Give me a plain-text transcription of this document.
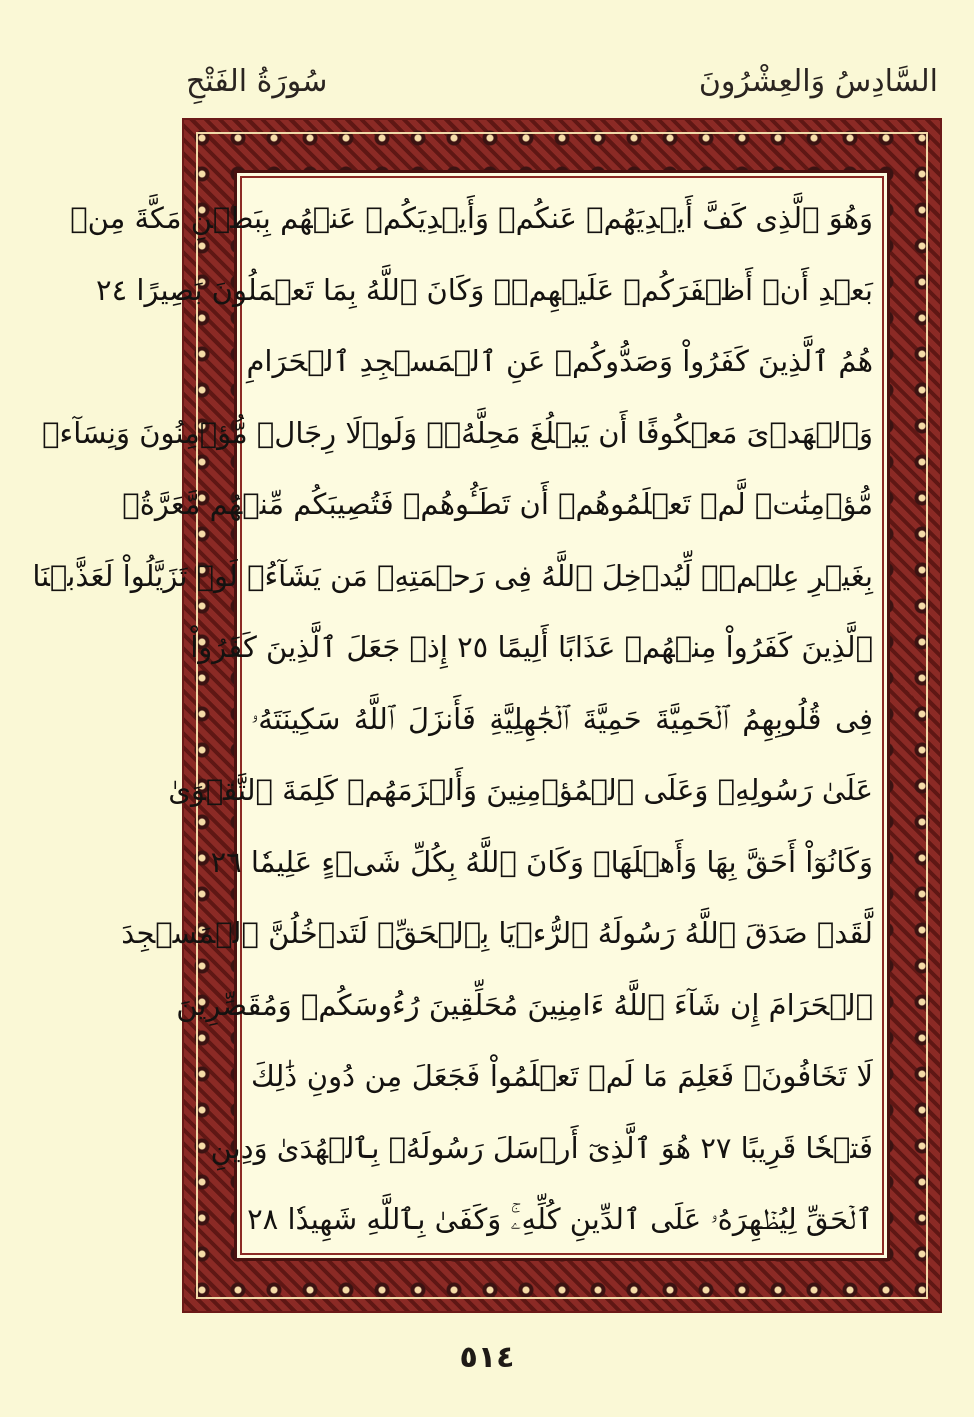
السَّادِسُ وَالعِشْرُونَ
سُورَةُ الفَتْحِ
وَهُوَ ٱلَّذِى كَفَّ أَيۡدِيَهُمۡ عَنكُمۡ وَأَيۡدِيَكُمۡ عَنۡهُم بِبَطۡنِ مَكَّةَ مِنۢ
بَعۡدِ أَنۡ أَظۡفَرَكُمۡ عَلَيۡهِمۡۚ وَكَانَ ٱللَّهُ بِمَا تَعۡمَلُونَ بَصِيرًا ٢٤
هُمُ ٱلَّذِينَ كَفَرُواْ وَصَدُّوكُمۡ عَنِ ٱلۡمَسۡجِدِ ٱلۡحَرَامِ
وَٱلۡهَدۡىَ مَعۡكُوفًا أَن يَبۡلُغَ مَحِلَّهُۥۚ وَلَوۡلَا رِجَالٞ مُّؤۡمِنُونَ وَنِسَآءٞ
مُّؤۡمِنَٰتٞ لَّمۡ تَعۡلَمُوهُمۡ أَن تَطَـُٔوهُمۡ فَتُصِيبَكُم مِّنۡهُم مَّعَرَّةُۢ
بِغَيۡرِ عِلۡمٖۖ لِّيُدۡخِلَ ٱللَّهُ فِى رَحۡمَتِهِۦ مَن يَشَآءُۚ لَوۡ تَزَيَّلُواْ لَعَذَّبۡنَا
ٱلَّذِينَ كَفَرُواْ مِنۡهُمۡ عَذَابًا أَلِيمًا ٢٥ إِذۡ جَعَلَ ٱلَّذِينَ كَفَرُواْ
فِى قُلُوبِهِمُ ٱلۡحَمِيَّةَ حَمِيَّةَ ٱلۡجَٰهِلِيَّةِ فَأَنزَلَ ٱللَّهُ سَكِينَتَهُۥ
عَلَىٰ رَسُولِهِۦ وَعَلَى ٱلۡمُؤۡمِنِينَ وَأَلۡزَمَهُمۡ كَلِمَةَ ٱلتَّقۡوَىٰ
وَكَانُوٓاْ أَحَقَّ بِهَا وَأَهۡلَهَاۚ وَكَانَ ٱللَّهُ بِكُلِّ شَىۡءٍ عَلِيمٗا ٢٦
لَّقَدۡ صَدَقَ ٱللَّهُ رَسُولَهُ ٱلرُّءۡيَا بِٱلۡحَقِّۖ لَتَدۡخُلُنَّ ٱلۡمَسۡجِدَ
ٱلۡحَرَامَ إِن شَآءَ ٱللَّهُ ءَامِنِينَ مُحَلِّقِينَ رُءُوسَكُمۡ وَمُقَصِّرِينَ
لَا تَخَافُونَۖ فَعَلِمَ مَا لَمۡ تَعۡلَمُواْ فَجَعَلَ مِن دُونِ ذَٰلِكَ
فَتۡحٗا قَرِيبًا ٢٧ هُوَ ٱلَّذِىٓ أَرۡسَلَ رَسُولَهُۥ بِٱلۡهُدَىٰ وَدِينِ
ٱلۡحَقِّ لِيُظۡهِرَهُۥ عَلَى ٱلدِّينِ كُلِّهِۦۚ وَكَفَىٰ بِٱللَّهِ شَهِيدٗا ٢٨
٥١٤
